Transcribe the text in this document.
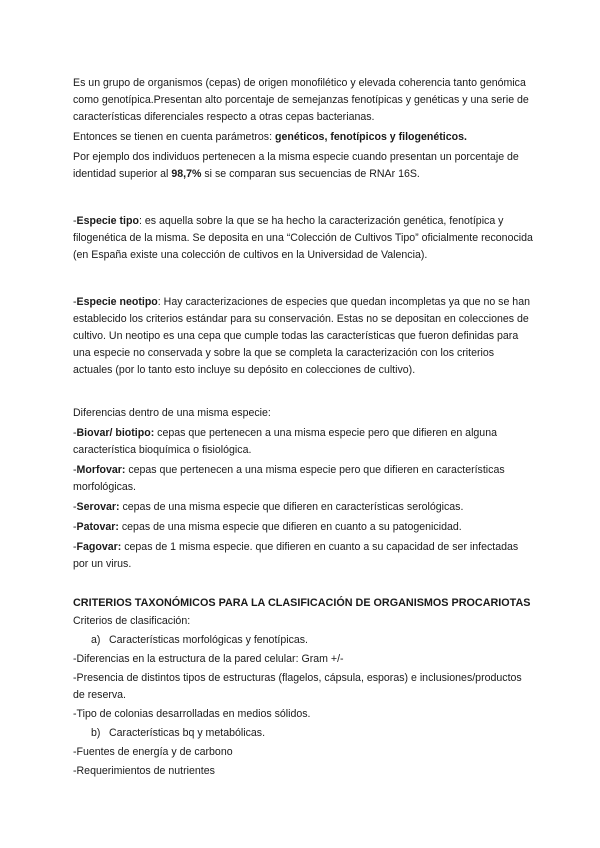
Es un grupo de organismos (cepas) de origen monofilético y elevada coherencia tanto genómica como genotípica.Presentan alto porcentaje de semejanzas fenotípicas y genéticas y una serie de características diferenciales respecto a otras cepas bacterianas.

Entonces se tienen en cuenta parámetros: genéticos, fenotípicos y filogenéticos.

Por ejemplo dos individuos pertenecen a la misma especie cuando presentan un porcentaje de identidad superior al 98,7% si se comparan sus secuencias de RNAr 16S.

-Especie tipo: es aquella sobre la que se ha hecho la caracterización genética, fenotípica y filogenética de la misma. Se deposita en una “Colección de Cultivos Tipo” oficialmente reconocida (en España existe una colección de cultivos en la Universidad de Valencia).

-Especie neotipo: Hay caracterizaciones de especies que quedan incompletas ya que no se han establecido los criterios estándar para su conservación. Estas no se depositan en colecciones de cultivo. Un neotipo es una cepa que cumple todas las características que fueron definidas para una especie no conservada y sobre la que se completa la caracterización con los criterios actuales (por lo tanto esto incluye su depósito en colecciones de cultivo).

Diferencias dentro de una misma especie:

-Biovar/ biotipo: cepas que pertenecen a una misma especie pero que difieren en alguna característica bioquímica o fisiológica.

-Morfovar: cepas que pertenecen a una misma especie pero que difieren en características morfológicas.

-Serovar: cepas de una misma especie que difieren en características serológicas.

-Patovar: cepas de una misma especie que difieren en cuanto a su patogenicidad.

-Fagovar: cepas de 1 misma especie. que difieren en cuanto a su capacidad de ser infectadas por un virus.

CRITERIOS TAXONÓMICOS PARA LA CLASIFICACIÓN DE ORGANISMOS PROCARIOTAS

Criterios de clasificación:

a) Características morfológicas y fenotípicas.

-Diferencias en la estructura de la pared celular: Gram +/-

-Presencia de distintos tipos de estructuras (flagelos, cápsula, esporas) e inclusiones/productos de reserva.

-Tipo de colonias desarrolladas en medios sólidos.

b) Características bq y metabólicas.

-Fuentes de energía y de carbono

-Requerimientos de nutrientes
